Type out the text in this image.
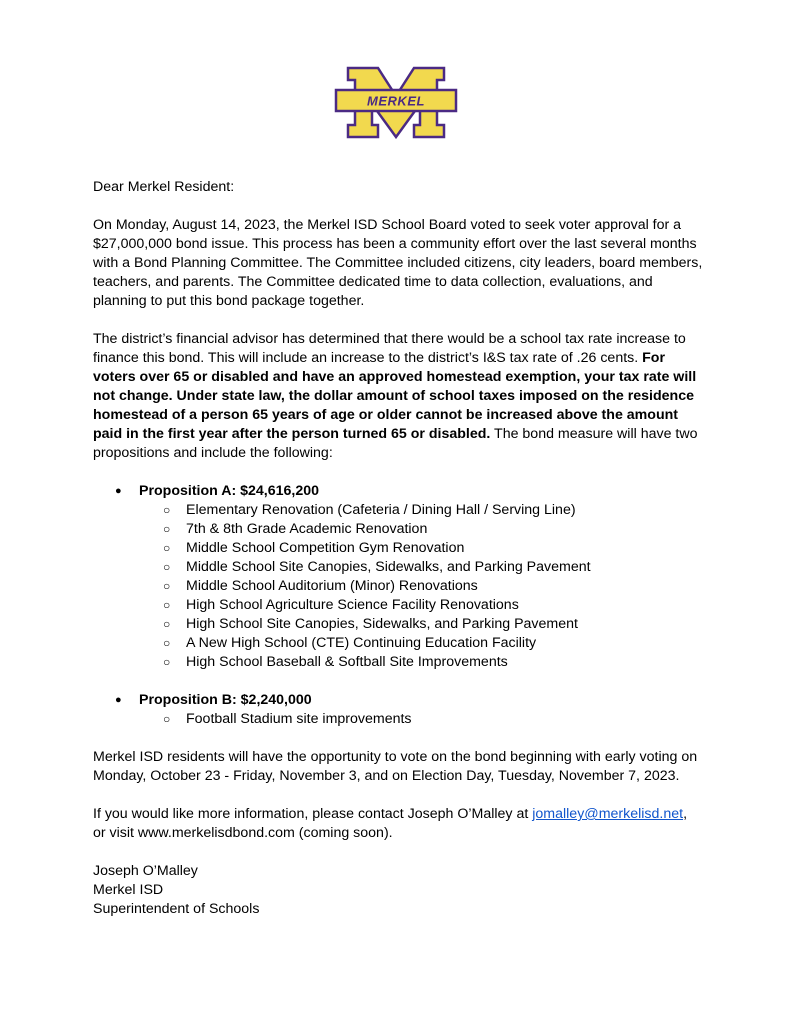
MERKEL

Dear Merkel Resident:

On Monday, August 14, 2023, the Merkel ISD School Board voted to seek voter approval for a $27,000,000 bond issue. This process has been a community effort over the last several months with a Bond Planning Committee. The Committee included citizens, city leaders, board members, teachers, and parents. The Committee dedicated time to data collection, evaluations, and planning to put this bond package together.

The district’s financial advisor has determined that there would be a school tax rate increase to finance this bond. This will include an increase to the district’s I&S tax rate of .26 cents. For voters over 65 or disabled and have an approved homestead exemption, your tax rate will not change. Under state law, the dollar amount of school taxes imposed on the residence homestead of a person 65 years of age or older cannot be increased above the amount paid in the first year after the person turned 65 or disabled. The bond measure will have two propositions and include the following:

● Proposition A: $24,616,200
○ Elementary Renovation (Cafeteria / Dining Hall / Serving Line)
○ 7th & 8th Grade Academic Renovation
○ Middle School Competition Gym Renovation
○ Middle School Site Canopies, Sidewalks, and Parking Pavement
○ Middle School Auditorium (Minor) Renovations
○ High School Agriculture Science Facility Renovations
○ High School Site Canopies, Sidewalks, and Parking Pavement
○ A New High School (CTE) Continuing Education Facility
○ High School Baseball & Softball Site Improvements
● Proposition B: $2,240,000
○ Football Stadium site improvements

Merkel ISD residents will have the opportunity to vote on the bond beginning with early voting on Monday, October 23 - Friday, November 3, and on Election Day, Tuesday, November 7, 2023.

If you would like more information, please contact Joseph O’Malley at jomalley@merkelisd.net, or visit www.merkelisdbond.com (coming soon).

Joseph O’Malley
Merkel ISD
Superintendent of Schools
